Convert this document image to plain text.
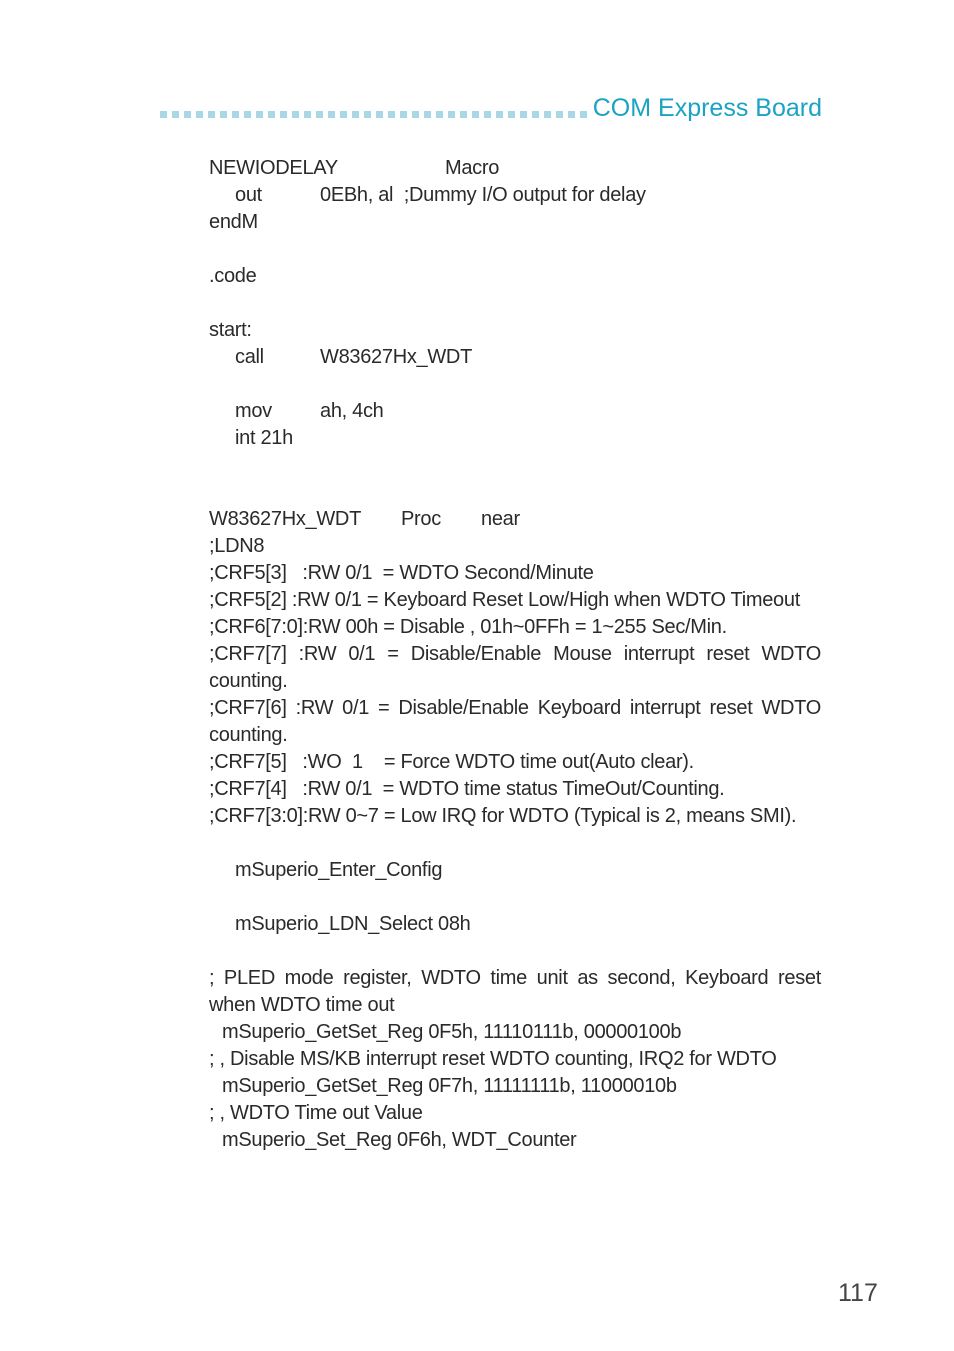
COM Express Board
NEWIODELAY	Macro
out	0EBh, al  ;Dummy I/O output for delay
endM
.code
start:
call	W83627Hx_WDT
mov ah, 4ch
int 21h
W83627Hx_WDT Proc near
;LDN8
;CRF5[3]   :RW 0/1  = WDTO Second/Minute
;CRF5[2] :RW 0/1 = Keyboard Reset Low/High when WDTO Timeout
;CRF6[7:0]:RW 00h = Disable , 01h~0FFh = 1~255 Sec/Min.
;CRF7[7] :RW 0/1 = Disable/Enable Mouse interrupt reset WDTO counting.
;CRF7[6] :RW 0/1 = Disable/Enable Keyboard interrupt reset WDTO counting.
;CRF7[5]   :WO  1    = Force WDTO time out(Auto clear).
;CRF7[4]   :RW 0/1  = WDTO time status TimeOut/Counting.
;CRF7[3:0]:RW 0~7 = Low IRQ for WDTO (Typical is 2, means SMI).
mSuperio_Enter_Config
mSuperio_LDN_Select 08h
; PLED mode register, WDTO time unit as second, Keyboard reset when WDTO time out
mSuperio_GetSet_Reg 0F5h, 11110111b, 00000100b
; , Disable MS/KB interrupt reset WDTO counting, IRQ2 for WDTO
mSuperio_GetSet_Reg 0F7h, 11111111b, 11000010b
; , WDTO Time out Value
mSuperio_Set_Reg 0F6h, WDT_Counter
117
